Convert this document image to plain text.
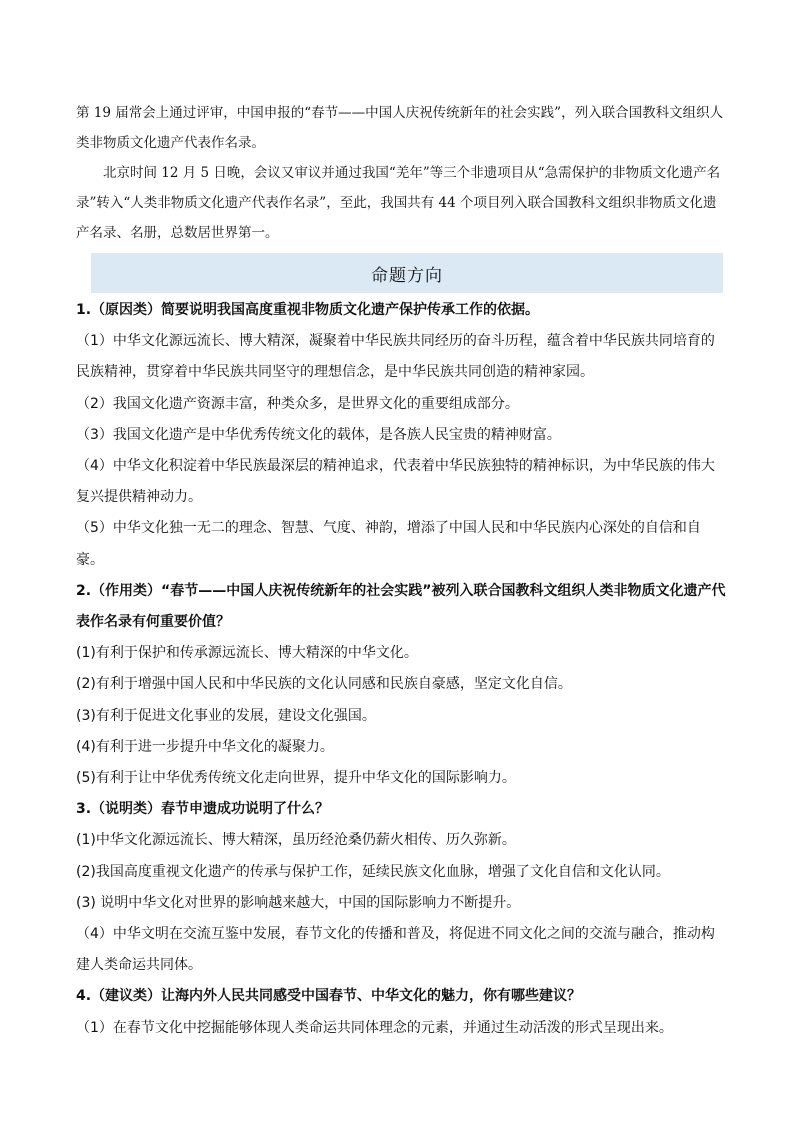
第 19 届常会上通过评审，中国申报的“春节——中国人庆祝传统新年的社会实践”，列入联合国教科文组织人类非物质文化遗产代表作名录。

北京时间 12 月 5 日晚，会议又审议并通过我国“羌年”等三个非遗项目从“急需保护的非物质文化遗产名录”转入“人类非物质文化遗产代表作名录”，至此，我国共有 44 个项目列入联合国教科文组织非物质文化遗产名录、名册，总数居世界第一。

命题方向

1.（原因类）简要说明我国高度重视非物质文化遗产保护传承工作的依据。

（1）中华文化源远流长、博大精深，凝聚着中华民族共同经历的奋斗历程，蕴含着中华民族共同培育的民族精神，贯穿着中华民族共同坚守的理想信念，是中华民族共同创造的精神家园。

（2）我国文化遗产资源丰富，种类众多，是世界文化的重要组成部分。

（3）我国文化遗产是中华优秀传统文化的载体，是各族人民宝贵的精神财富。

（4）中华文化积淀着中华民族最深层的精神追求，代表着中华民族独特的精神标识，为中华民族的伟大复兴提供精神动力。

（5）中华文化独一无二的理念、智慧、气度、神韵，增添了中国人民和中华民族内心深处的自信和自豪。

2.（作用类）“春节——中国人庆祝传统新年的社会实践”被列入联合国教科文组织人类非物质文化遗产代表作名录有何重要价值？

(1)有利于保护和传承源远流长、博大精深的中华文化。

(2)有利于增强中国人民和中华民族的文化认同感和民族自豪感，坚定文化自信。

(3)有利于促进文化事业的发展，建设文化强国。

(4)有利于进一步提升中华文化的凝聚力。

(5)有利于让中华优秀传统文化走向世界，提升中华文化的国际影响力。

3.（说明类）春节申遗成功说明了什么？

(1)中华文化源远流长、博大精深，虽历经沧桑仍薪火相传、历久弥新。

(2)我国高度重视文化遗产的传承与保护工作，延续民族文化血脉，增强了文化自信和文化认同。

(3) 说明中华文化对世界的影响越来越大，中国的国际影响力不断提升。

（4）中华文明在交流互鉴中发展，春节文化的传播和普及，将促进不同文化之间的交流与融合，推动构建人类命运共同体。

4.（建议类）让海内外人民共同感受中国春节、中华文化的魅力，你有哪些建议？

（1）在春节文化中挖掘能够体现人类命运共同体理念的元素，并通过生动活泼的形式呈现出来。
